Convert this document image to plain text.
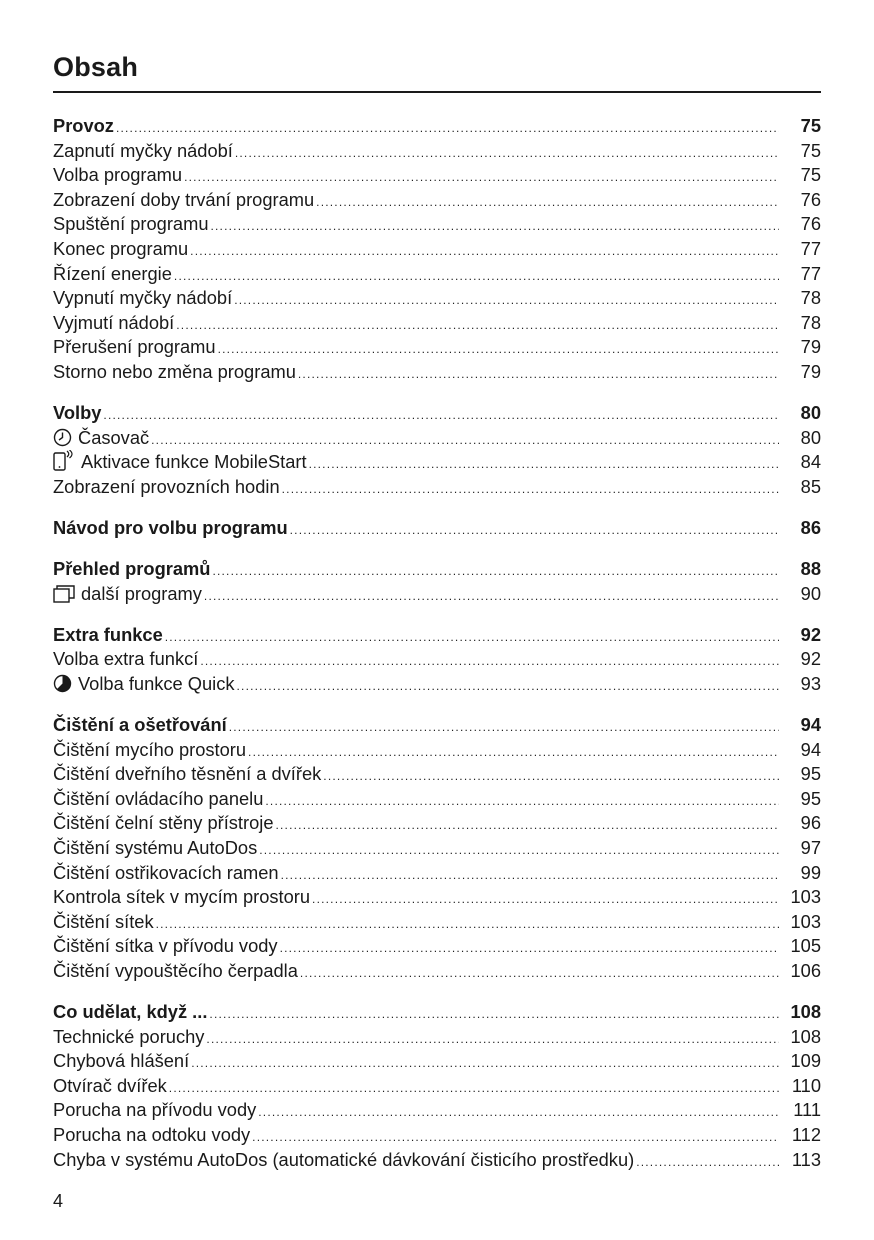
Obsah
Provoz .....	75
Zapnutí myčky nádobí .....	75
Volba programu .....	75
Zobrazení doby trvání programu .....	76
Spuštění programu .....	76
Konec programu .....	77
Řízení energie .....	77
Vypnutí myčky nádobí .....	78
Vyjmutí nádobí .....	78
Přerušení programu .....	79
Storno nebo změna programu .....	79
Volby .....	80
Časovač .....	80
Aktivace funkce MobileStart .....	84
Zobrazení provozních hodin .....	85
Návod pro volbu programu .....	86
Přehled programů .....	88
další programy .....	90
Extra funkce .....	92
Volba extra funkcí .....	92
Volba funkce Quick .....	93
Čištění a ošetřování .....	94
Čištění mycího prostoru .....	94
Čištění dveřního těsnění a dvířek .....	95
Čištění ovládacího panelu .....	95
Čištění čelní stěny přístroje .....	96
Čištění systému AutoDos .....	97
Čištění ostřikovacích ramen .....	99
Kontrola sítek v mycím prostoru .....	103
Čištění sítek .....	103
Čištění sítka v přívodu vody .....	105
Čištění vypouštěcího čerpadla .....	106
Co udělat, když ... .....	108
Technické poruchy .....	108
Chybová hlášení .....	109
Otvírač dvířek .....	110
Porucha na přívodu vody .....	111
Porucha na odtoku vody .....	112
Chyba v systému AutoDos (automatické dávkování čisticího prostředku) .....	113
4
